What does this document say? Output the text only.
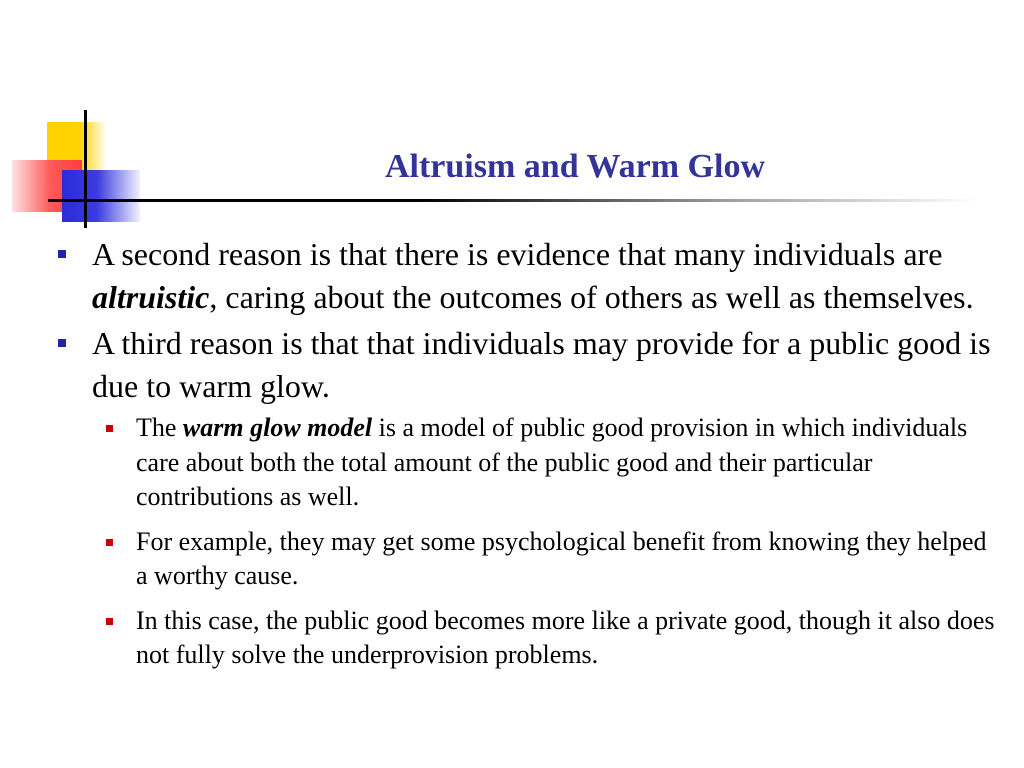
Altruism and Warm Glow
A second reason is that there is evidence that many individuals are altruistic, caring about the outcomes of others as well as themselves.
A third reason is that that individuals may provide for a public good is due to warm glow.
The warm glow model is a model of public good provision in which individuals care about both the total amount of the public good and their particular contributions as well.
For example, they may get some psychological benefit from knowing they helped a worthy cause.
In this case, the public good becomes more like a private good, though it also does not fully solve the underprovision problems.
